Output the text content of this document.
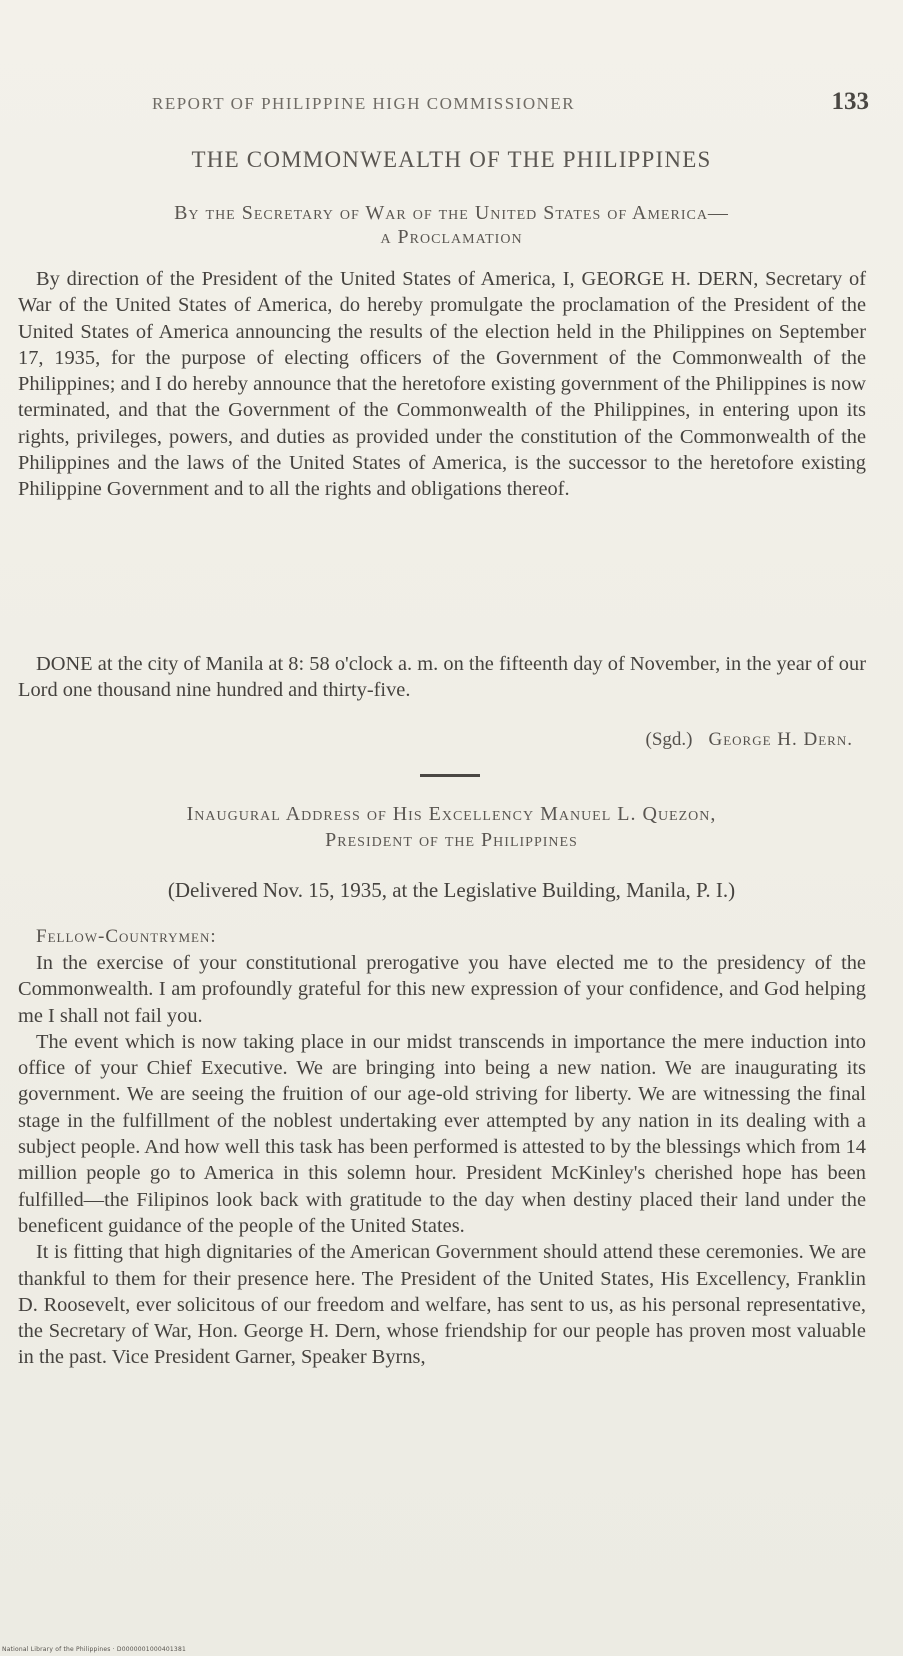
REPORT OF PHILIPPINE HIGH COMMISSIONER	133
THE COMMONWEALTH OF THE PHILIPPINES
By the Secretary of War of the United States of America—
a Proclamation

By direction of the President of the United States of America, I, GEORGE H. DERN, Secretary of War of the United States of America, do hereby promulgate the proclamation of the President of the United States of America announcing the results of the election held in the Philippines on September 17, 1935, for the purpose of electing officers of the Government of the Commonwealth of the Philippines; and I do hereby announce that the heretofore existing government of the Philippines is now terminated, and that the Government of the Commonwealth of the Philippines, in entering upon its rights, privileges, powers, and duties as provided under the constitution of the Commonwealth of the Philippines and the laws of the United States of America, is the successor to the heretofore existing Philippine Government and to all the rights and obligations thereof.

DONE at the city of Manila at 8: 58 o'clock a. m. on the fifteenth day of November, in the year of our Lord one thousand nine hundred and thirty-five.

(Sgd.) George H. Dern.
Inaugural Address of His Excellency Manuel L. Quezon,
President of the Philippines
(Delivered Nov. 15, 1935, at the Legislative Building, Manila, P. I.)
Fellow-Countrymen:

In the exercise of your constitutional prerogative you have elected me to the presidency of the Commonwealth. I am profoundly grateful for this new expression of your confidence, and God helping me I shall not fail you.

The event which is now taking place in our midst transcends in importance the mere induction into office of your Chief Executive. We are bringing into being a new nation. We are inaugurating its government. We are seeing the fruition of our age-old striving for liberty. We are witnessing the final stage in the fulfillment of the noblest undertaking ever attempted by any nation in its dealing with a subject people. And how well this task has been performed is attested to by the blessings which from 14 million people go to America in this solemn hour. President McKinley's cherished hope has been fulfilled—the Filipinos look back with gratitude to the day when destiny placed their land under the beneficent guidance of the people of the United States.

It is fitting that high dignitaries of the American Government should attend these ceremonies. We are thankful to them for their presence here. The President of the United States, His Excellency, Franklin D. Roosevelt, ever solicitous of our freedom and welfare, has sent to us, as his personal representative, the Secretary of War, Hon. George H. Dern, whose friendship for our people has proven most valuable in the past. Vice President Garner, Speaker Byrns,

National Library of the Philippines · D0000001000401381
